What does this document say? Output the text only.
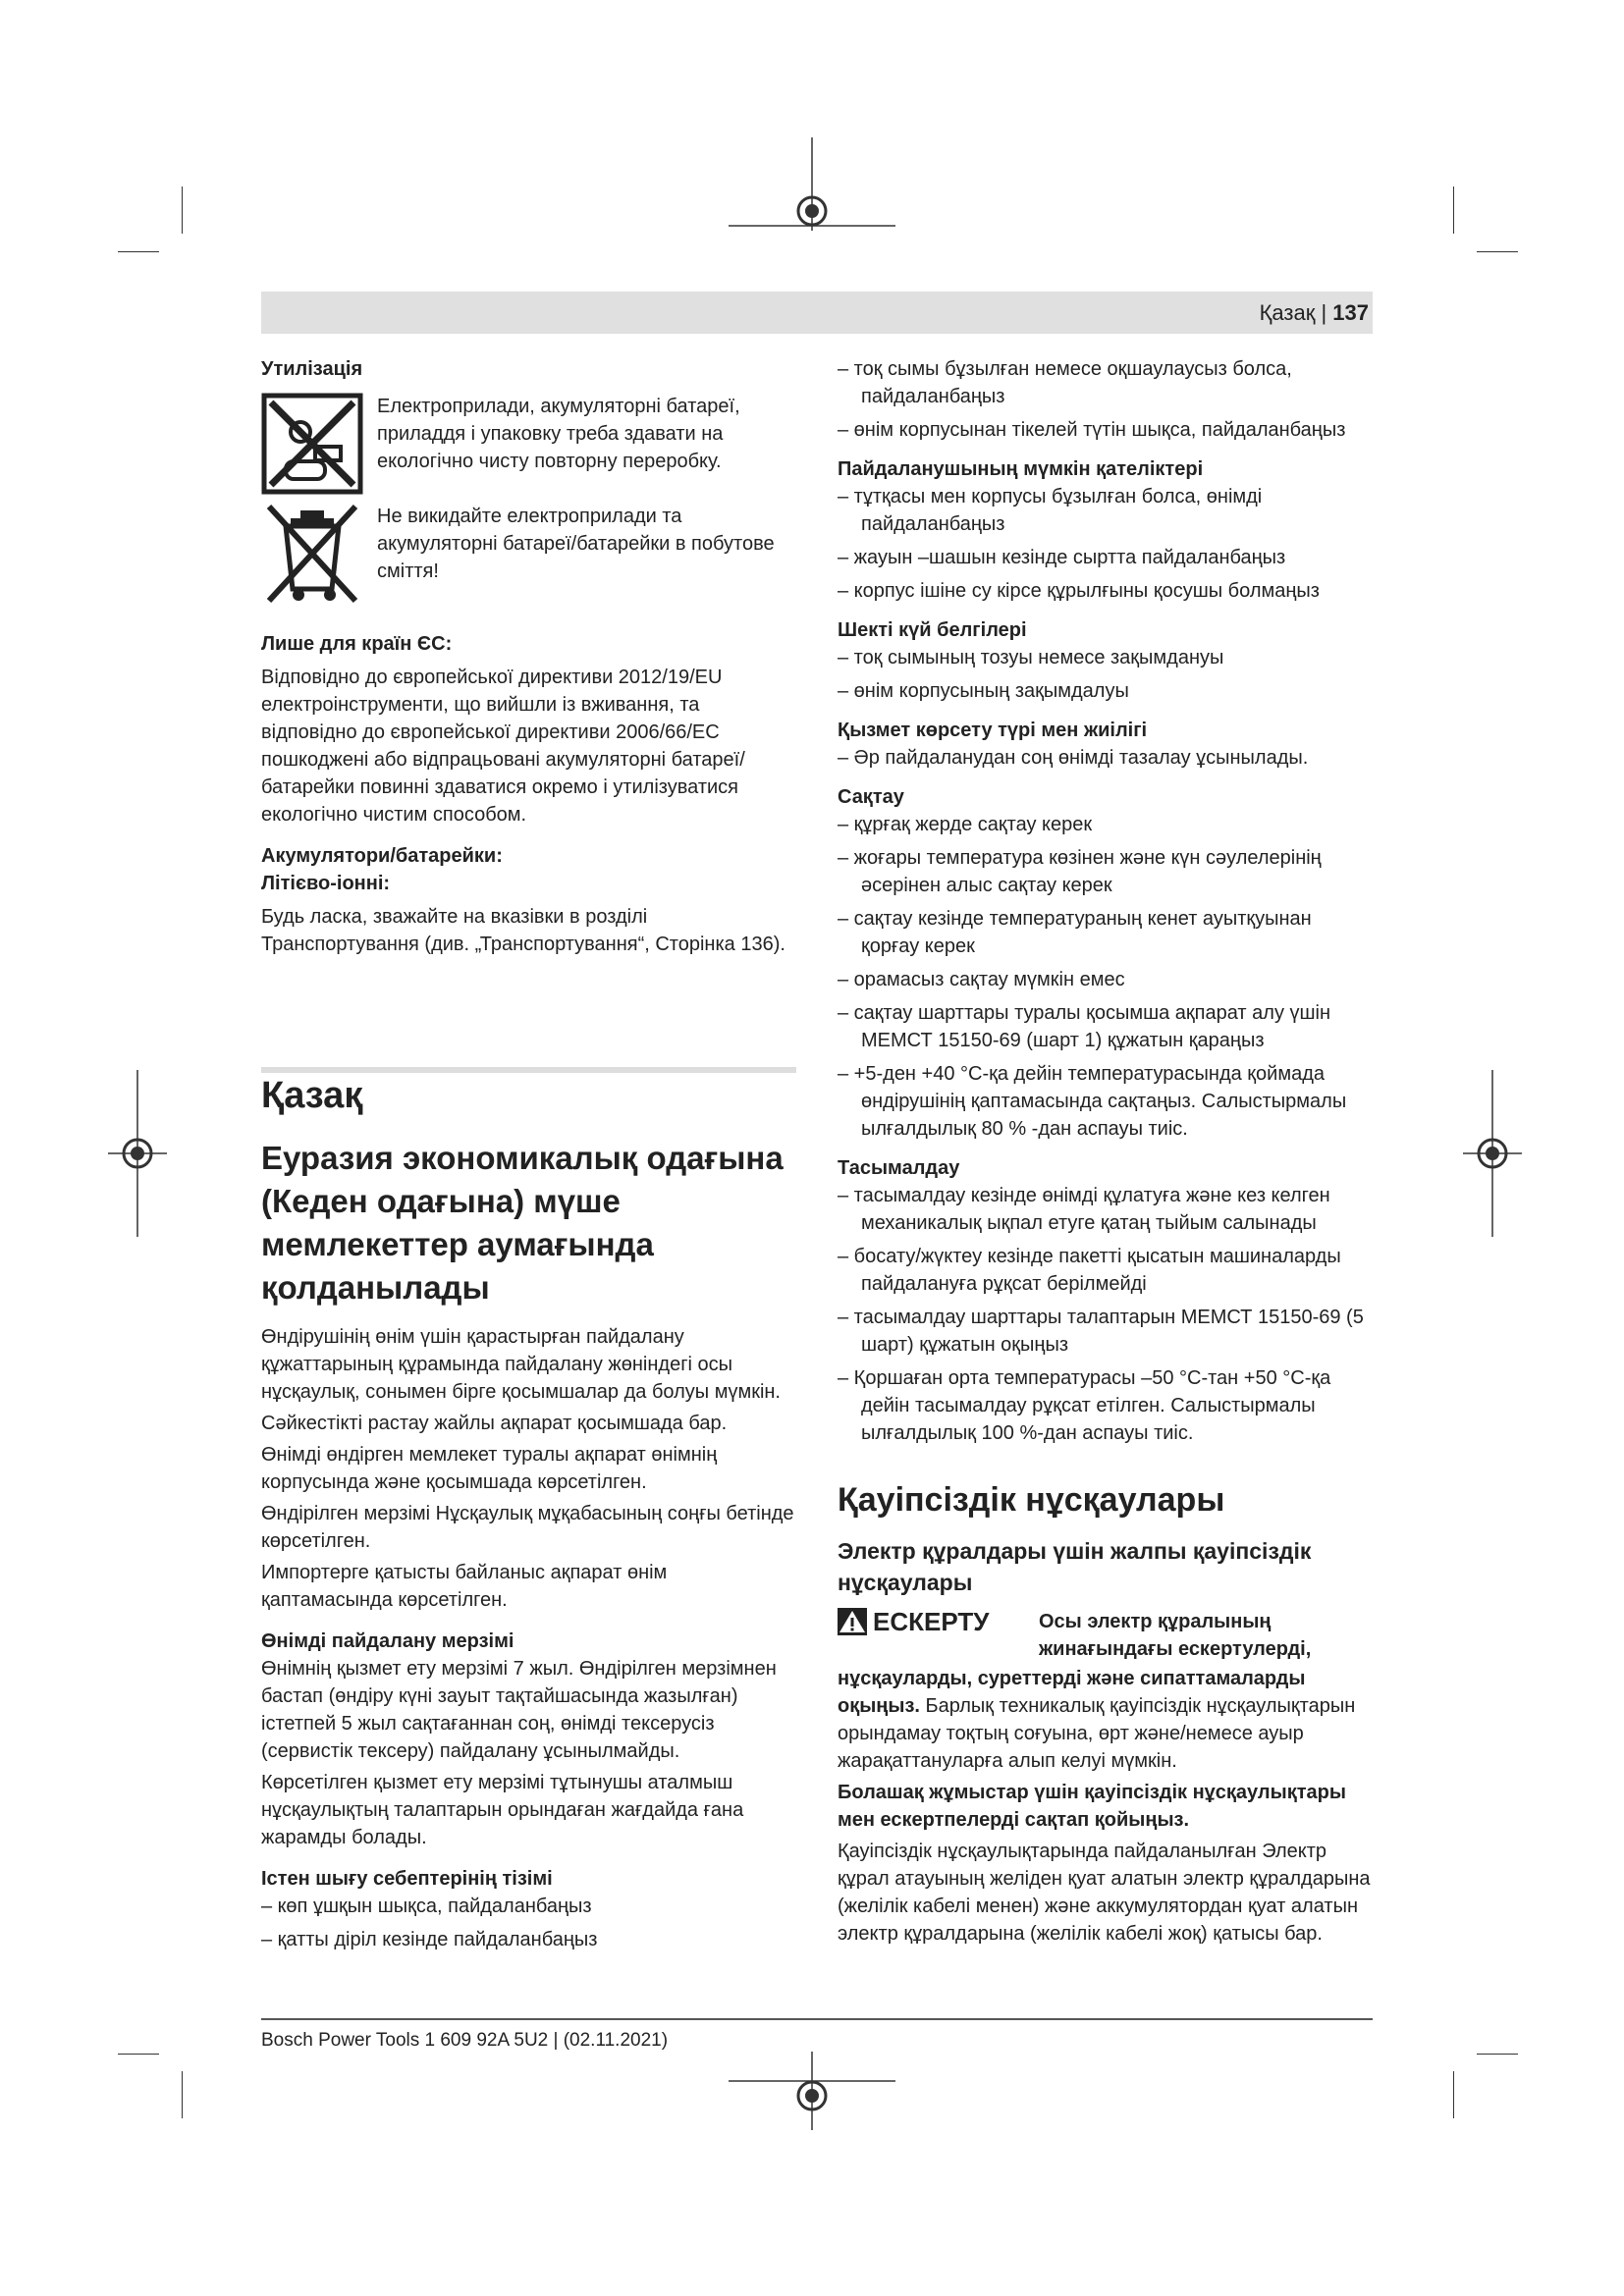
Қазақ | 137
Утилізація

Електроприлади, акумуляторні батареї, приладдя і упаковку треба здавати на екологічно чисту повторну переробку.

Не викидайте електроприлади та акумуляторні батареї/батарейки в побутове сміття!

Лише для країн ЄС:

Відповідно до європейської директиви 2012/19/EU електроінструменти, що вийшли із вживання, та відповідно до європейської директиви 2006/66/EC пошкоджені або відпрацьовані акумуляторні батареї/батарейки повинні здаватися окремо і утилізуватися екологічно чистим способом.

Акумулятори/батарейки:
Літієво-іонні:

Будь ласка, зважайте на вказівки в розділі Транспортування (див. „Транспортування“, Сторінка 136).

Қазақ
Еуразия экономикалық одағына (Кеден одағына) мүше мемлекеттер аумағында қолданылады

Өндірушінің өнім үшін қарастырған пайдалану құжаттарының құрамында пайдалану жөніндегі осы нұсқаулық, сонымен бірге қосымшалар да болуы мүмкін.

Сәйкестікті растау жайлы ақпарат қосымшада бар.

Өнімді өндірген мемлекет туралы ақпарат өнімнің корпусында және қосымшада көрсетілген.

Өндірілген мерзімі Нұсқаулық мұқабасының соңғы бетінде көрсетілген.

Импортерге қатысты байланыс ақпарат өнім қаптамасында көрсетілген.

Өнімді пайдалану мерзімі

Өнімнің қызмет ету мерзімі 7 жыл. Өндірілген мерзімнен бастап (өндіру күні зауыт тақтайшасында жазылған) істетпей 5 жыл сақтағаннан соң, өнімді тексерусіз (сервистік тексеру) пайдалану ұсынылмайды.

Көрсетілген қызмет ету мерзімі тұтынушы аталмыш нұсқаулықтың талаптарын орындаған жағдайда ғана жарамды болады.

Істен шығу себептерінің тізімі
– көп ұшқын шықса, пайдаланбаңыз
– қатты діріл кезінде пайдаланбаңыз
– тоқ сымы бұзылған немесе оқшаулаусыз болса, пайдаланбаңыз
– өнім корпусынан тікелей түтін шықса, пайдаланбаңыз
Пайдаланушының мүмкін қателіктері
– тұтқасы мен корпусы бұзылған болса, өнімді пайдаланбаңыз
– жауын –шашын кезінде сыртта пайдаланбаңыз
– корпус ішіне су кірсе құрылғыны қосушы болмаңыз
Шекті күй белгілері
– тоқ сымының тозуы немесе зақымдануы
– өнім корпусының зақымдалуы
Қызмет көрсету түрі мен жиілігі
– Әр пайдаланудан соң өнімді тазалау ұсынылады.
Сақтау
– құрғақ жерде сақтау керек
– жоғары температура көзінен және күн сәулелерінің әсерінен алыс сақтау керек
– сақтау кезінде температураның кенет ауытқуынан қорғау керек
– орамасыз сақтау мүмкін емес
– сақтау шарттары туралы қосымша ақпарат алу үшін МЕМСТ 15150-69 (шарт 1) құжатын қараңыз
– +5-ден +40 °C-қа дейін температурасында қоймада өндірушінің қаптамасында сақтаңыз. Салыстырмалы ылғалдылық 80 % -дан аспауы тиіс.
Тасымалдау
– тасымалдау кезінде өнімді құлатуға және кез келген механикалық ықпал етуге қатаң тыйым салынады
– босату/жүктеу кезінде пакетті қысатын машиналарды пайдалануға рұқсат берілмейді
– тасымалдау шарттары талаптарын МЕМСТ 15150-69 (5 шарт) құжатын оқыңыз
– Қоршаған орта температурасы –50 °C-тан +50 °C-қа дейін тасымалдау рұқсат етілген. Салыстырмалы ылғалдылық 100 %-дан аспауы тиіс.
Қауіпсіздік нұсқаулары
Электр құралдары үшін жалпы қауіпсіздік нұсқаулары
ЕСКЕРТУ	Осы электр құралының жинағындағы ескертулерді,

нұсқауларды, суреттерді және сипаттамаларды оқыңыз. Барлық техникалық қауіпсіздік нұсқаулықтарын орындамау тоқтың соғуына, өрт және/немесе ауыр жарақаттануларға алып келуі мүмкін.

Болашақ жұмыстар үшін қауіпсіздік нұсқаулықтары мен ескертпелерді сақтап қойыңыз.

Қауіпсіздік нұсқаулықтарында пайдаланылған Электр құрал атауының желіден қуат алатын электр құралдарына (желілік кабелі менен) және аккумулятордан қуат алатын электр құралдарына (желілік кабелі жоқ) қатысы бар.

Bosch Power Tools 1 609 92A 5U2 | (02.11.2021)
